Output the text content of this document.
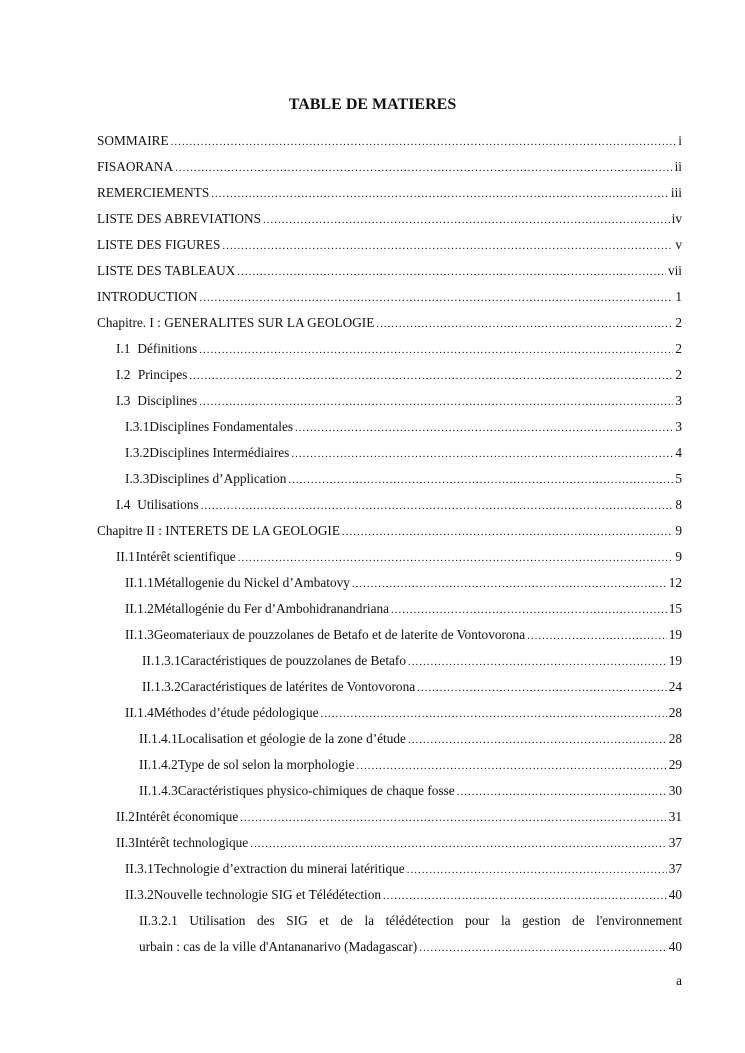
TABLE DE MATIERES
SOMMAIRE .....	i
FISAORANA .....	ii
REMERCIEMENTS .....	iii
LISTE DES ABREVIATIONS .....	iv
LISTE DES FIGURES .....	v
LISTE DES TABLEAUX .....	vii
INTRODUCTION .....	1
Chapitre. I : GENERALITES SUR LA GEOLOGIE .....	2
I.1 Définitions .....	2
I.2 Principes .....	2
I.3 Disciplines .....	3
I.3.1 Disciplines Fondamentales .....	3
I.3.2 Disciplines Intermédiaires .....	4
I.3.3 Disciplines d’Application .....	5
I.4 Utilisations .....	8
Chapitre II : INTERETS DE LA GEOLOGIE .....	9
II.1 Intérêt scientifique .....	9
II.1.1 Métallogenie du Nickel d’Ambatovy .....	12
II.1.2 Métallogénie du Fer d’Ambohidranandriana .....	15
II.1.3 Geomateriaux de pouzzolanes de Betafo et de laterite de Vontovorona .....	19
II.1.3.1 Caractéristiques de pouzzolanes de Betafo .....	19
II.1.3.2 Caractéristiques de latérites de Vontovorona .....	24
II.1.4 Méthodes d’étude pédologique .....	28
II.1.4.1 Localisation et géologie de la zone d’étude .....	28
II.1.4.2 Type de sol selon la morphologie .....	29
II.1.4.3 Caractéristiques physico-chimiques de chaque fosse .....	30
II.2 Intérêt économique .....	31
II.3 Intérêt technologique .....	37
II.3.1 Technologie d’extraction du minerai latéritique .....	37
II.3.2 Nouvelle technologie SIG et Télédétection .....	40
II.3.2.1 Utilisation des SIG et de la télédétection pour la gestion de l'environnement
urbain : cas de la ville d'Antananarivo (Madagascar) .....	40
a
